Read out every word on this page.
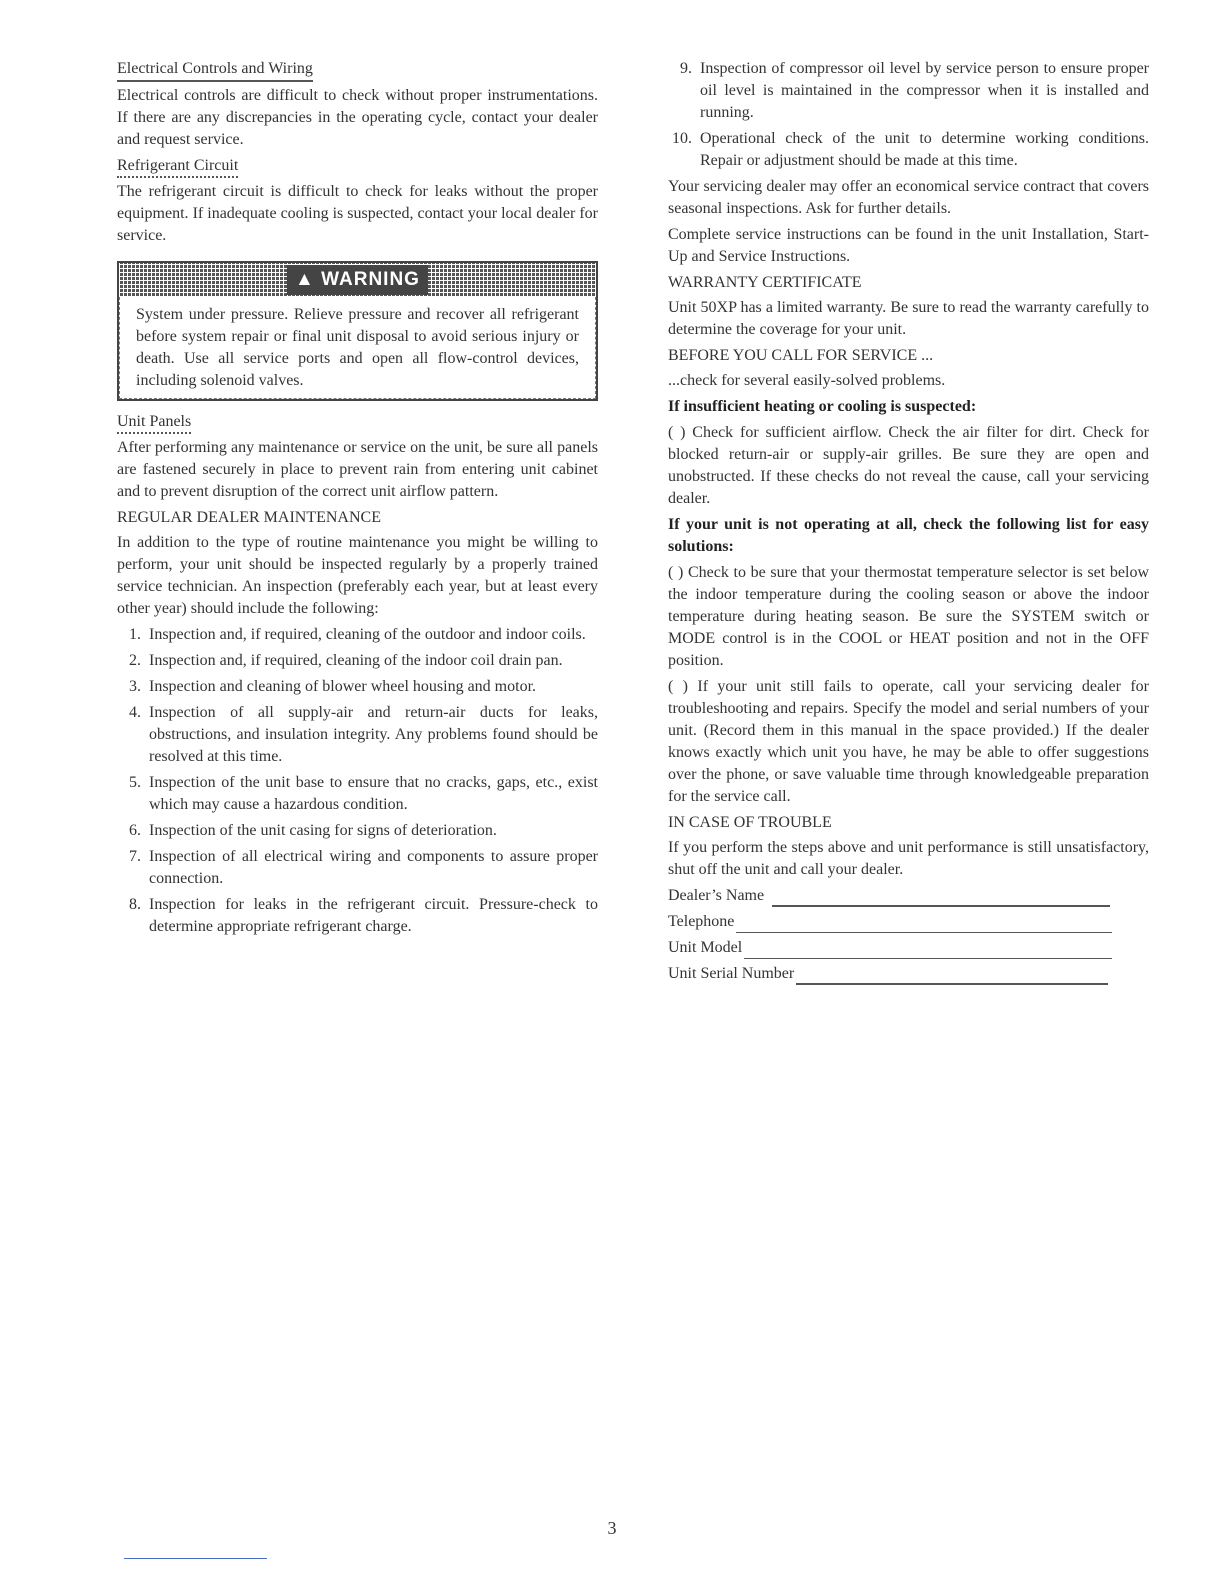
Electrical Controls and Wiring

Electrical controls are difficult to check without proper instrumentations. If there are any discrepancies in the operating cycle, contact your dealer and request service.

Refrigerant Circuit

The refrigerant circuit is difficult to check for leaks without the proper equipment. If inadequate cooling is suspected, contact your local dealer for service.

▲ WARNING

System under pressure. Relieve pressure and recover all refrigerant before system repair or final unit disposal to avoid serious injury or death. Use all service ports and open all flow-control devices, including solenoid valves.

Unit Panels

After performing any maintenance or service on the unit, be sure all panels are fastened securely in place to prevent rain from entering unit cabinet and to prevent disruption of the correct unit airflow pattern.

REGULAR DEALER MAINTENANCE

In addition to the type of routine maintenance you might be willing to perform, your unit should be inspected regularly by a properly trained service technician. An inspection (preferably each year, but at least every other year) should include the following:

1. Inspection and, if required, cleaning of the outdoor and indoor coils.
2. Inspection and, if required, cleaning of the indoor coil drain pan.
3. Inspection and cleaning of blower wheel housing and motor.
4. Inspection of all supply-air and return-air ducts for leaks, obstructions, and insulation integrity. Any problems found should be resolved at this time.
5. Inspection of the unit base to ensure that no cracks, gaps, etc., exist which may cause a hazardous condition.
6. Inspection of the unit casing for signs of deterioration.
7. Inspection of all electrical wiring and components to assure proper connection.
8. Inspection for leaks in the refrigerant circuit. Pressure-check to determine appropriate refrigerant charge.
9. Inspection of compressor oil level by service person to ensure proper oil level is maintained in the compressor when it is installed and running.
10. Operational check of the unit to determine working conditions. Repair or adjustment should be made at this time.

Your servicing dealer may offer an economical service contract that covers seasonal inspections. Ask for further details.

Complete service instructions can be found in the unit Installation, Start-Up and Service Instructions.

WARRANTY CERTIFICATE

Unit 50XP has a limited warranty. Be sure to read the warranty carefully to determine the coverage for your unit.

BEFORE YOU CALL FOR SERVICE ...

...check for several easily-solved problems.

If insufficient heating or cooling is suspected:

( ) Check for sufficient airflow. Check the air filter for dirt. Check for blocked return-air or supply-air grilles. Be sure they are open and unobstructed. If these checks do not reveal the cause, call your servicing dealer.

If your unit is not operating at all, check the following list for easy solutions:

( ) Check to be sure that your thermostat temperature selector is set below the indoor temperature during the cooling season or above the indoor temperature during heating season. Be sure the SYSTEM switch or MODE control is in the COOL or HEAT position and not in the OFF position.

( ) If your unit still fails to operate, call your servicing dealer for troubleshooting and repairs. Specify the model and serial numbers of your unit. (Record them in this manual in the space provided.) If the dealer knows exactly which unit you have, he may be able to offer suggestions over the phone, or save valuable time through knowledgeable preparation for the service call.

IN CASE OF TROUBLE

If you perform the steps above and unit performance is still unsatisfactory, shut off the unit and call your dealer.

Dealer’s Name
Telephone
Unit Model
Unit Serial Number
3
